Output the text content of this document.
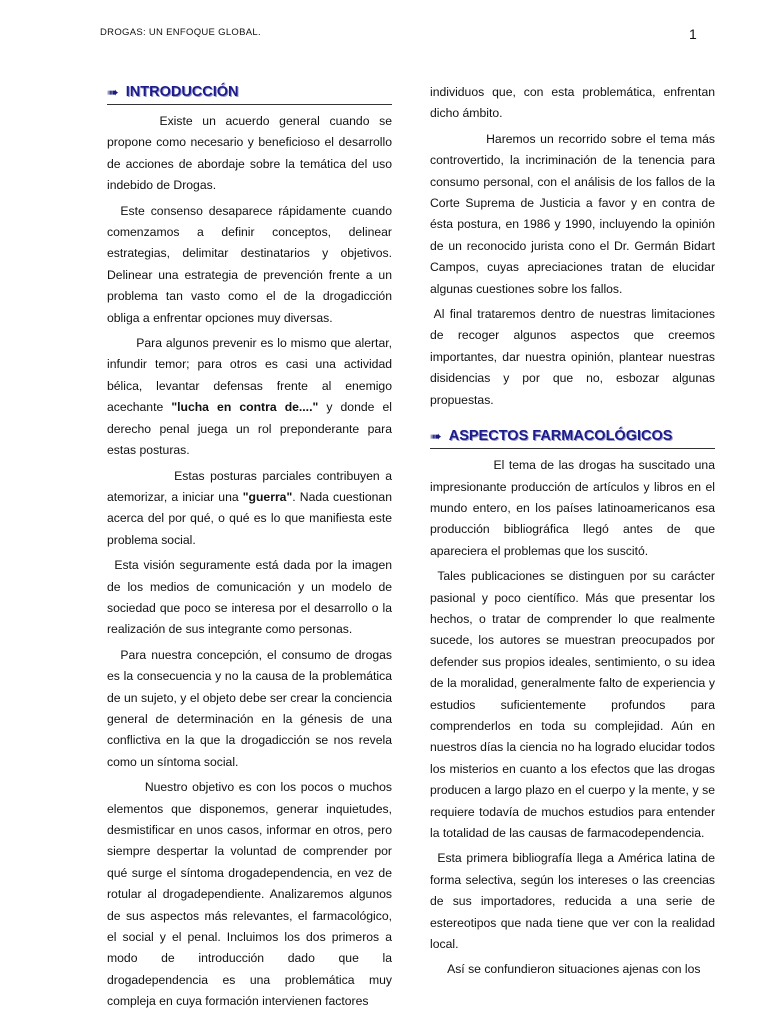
DROGAS: UN ENFOQUE GLOBAL.	1
➠ INTRODUCCIÓN

Existe un acuerdo general cuando se propone como necesario y beneficioso el desarrollo de acciones de abordaje sobre la temática del uso indebido de Drogas.

Este consenso desaparece rápidamente cuando comenzamos a definir conceptos, delinear estrategias, delimitar destinatarios y objetivos. Delinear una estrategia de prevención frente a un problema tan vasto como el de la drogadicción obliga a enfrentar opciones muy diversas.

Para algunos prevenir es lo mismo que alertar, infundir temor; para otros es casi una actividad bélica, levantar defensas frente al enemigo acechante "lucha en contra de...." y donde el derecho penal juega un rol preponderante para estas posturas.

Estas posturas parciales contribuyen a atemorizar, a iniciar una "guerra". Nada cuestionan acerca del por qué, o qué es lo que manifiesta este problema social.

Esta visión seguramente está dada por la imagen de los medios de comunicación y un modelo de sociedad que poco se interesa por el desarrollo o la realización de sus integrante como personas.

Para nuestra concepción, el consumo de drogas es la consecuencia y no la causa de la problemática de un sujeto, y el objeto debe ser crear la conciencia general de determinación en la génesis de una conflictiva en la que la drogadicción se nos revela como un síntoma social.

Nuestro objetivo es con los pocos o muchos elementos que disponemos, generar inquietudes, desmistificar en unos casos, informar en otros, pero siempre despertar la voluntad de comprender por qué surge el síntoma drogadependencia, en vez de rotular al drogadependiente. Analizaremos algunos de sus aspectos más relevantes, el farmacológico, el social y el penal. Incluimos los dos primeros a modo de introducción dado que la drogadependencia es una problemática muy compleja en cuya formación intervienen factores

individuos que, con esta problemática, enfrentan dicho ámbito.

Haremos un recorrido sobre el tema más controvertido, la incriminación de la tenencia para consumo personal, con el análisis de los fallos de la Corte Suprema de Justicia a favor y en contra de ésta postura, en 1986 y 1990, incluyendo la opinión de un reconocido jurista cono el Dr. Germán Bidart Campos, cuyas apreciaciones tratan de elucidar algunas cuestiones sobre los fallos.

Al final trataremos dentro de nuestras limitaciones de recoger algunos aspectos que creemos importantes, dar nuestra opinión, plantear nuestras disidencias y por que no, esbozar algunas propuestas.

➠ ASPECTOS FARMACOLÓGICOS

El tema de las drogas ha suscitado una impresionante producción de artículos y libros en el mundo entero, en los países latinoamericanos esa producción bibliográfica llegó antes de que apareciera el problemas que los suscitó.

Tales publicaciones se distinguen por su carácter pasional y poco científico. Más que presentar los hechos, o tratar de comprender lo que realmente sucede, los autores se muestran preocupados por defender sus propios ideales, sentimiento, o su idea de la moralidad, generalmente falto de experiencia y estudios suficientemente profundos para comprenderlos en toda su complejidad. Aún en nuestros días la ciencia no ha logrado elucidar todos los misterios en cuanto a los efectos que las drogas producen a largo plazo en el cuerpo y la mente, y se requiere todavía de muchos estudios para entender la totalidad de las causas de farmacodependencia.

Esta primera bibliografía llega a América latina de forma selectiva, según los intereses o las creencias de sus importadores, reducida a una serie de estereotipos que nada tiene que ver con la realidad local.

Así se confundieron situaciones ajenas con los
